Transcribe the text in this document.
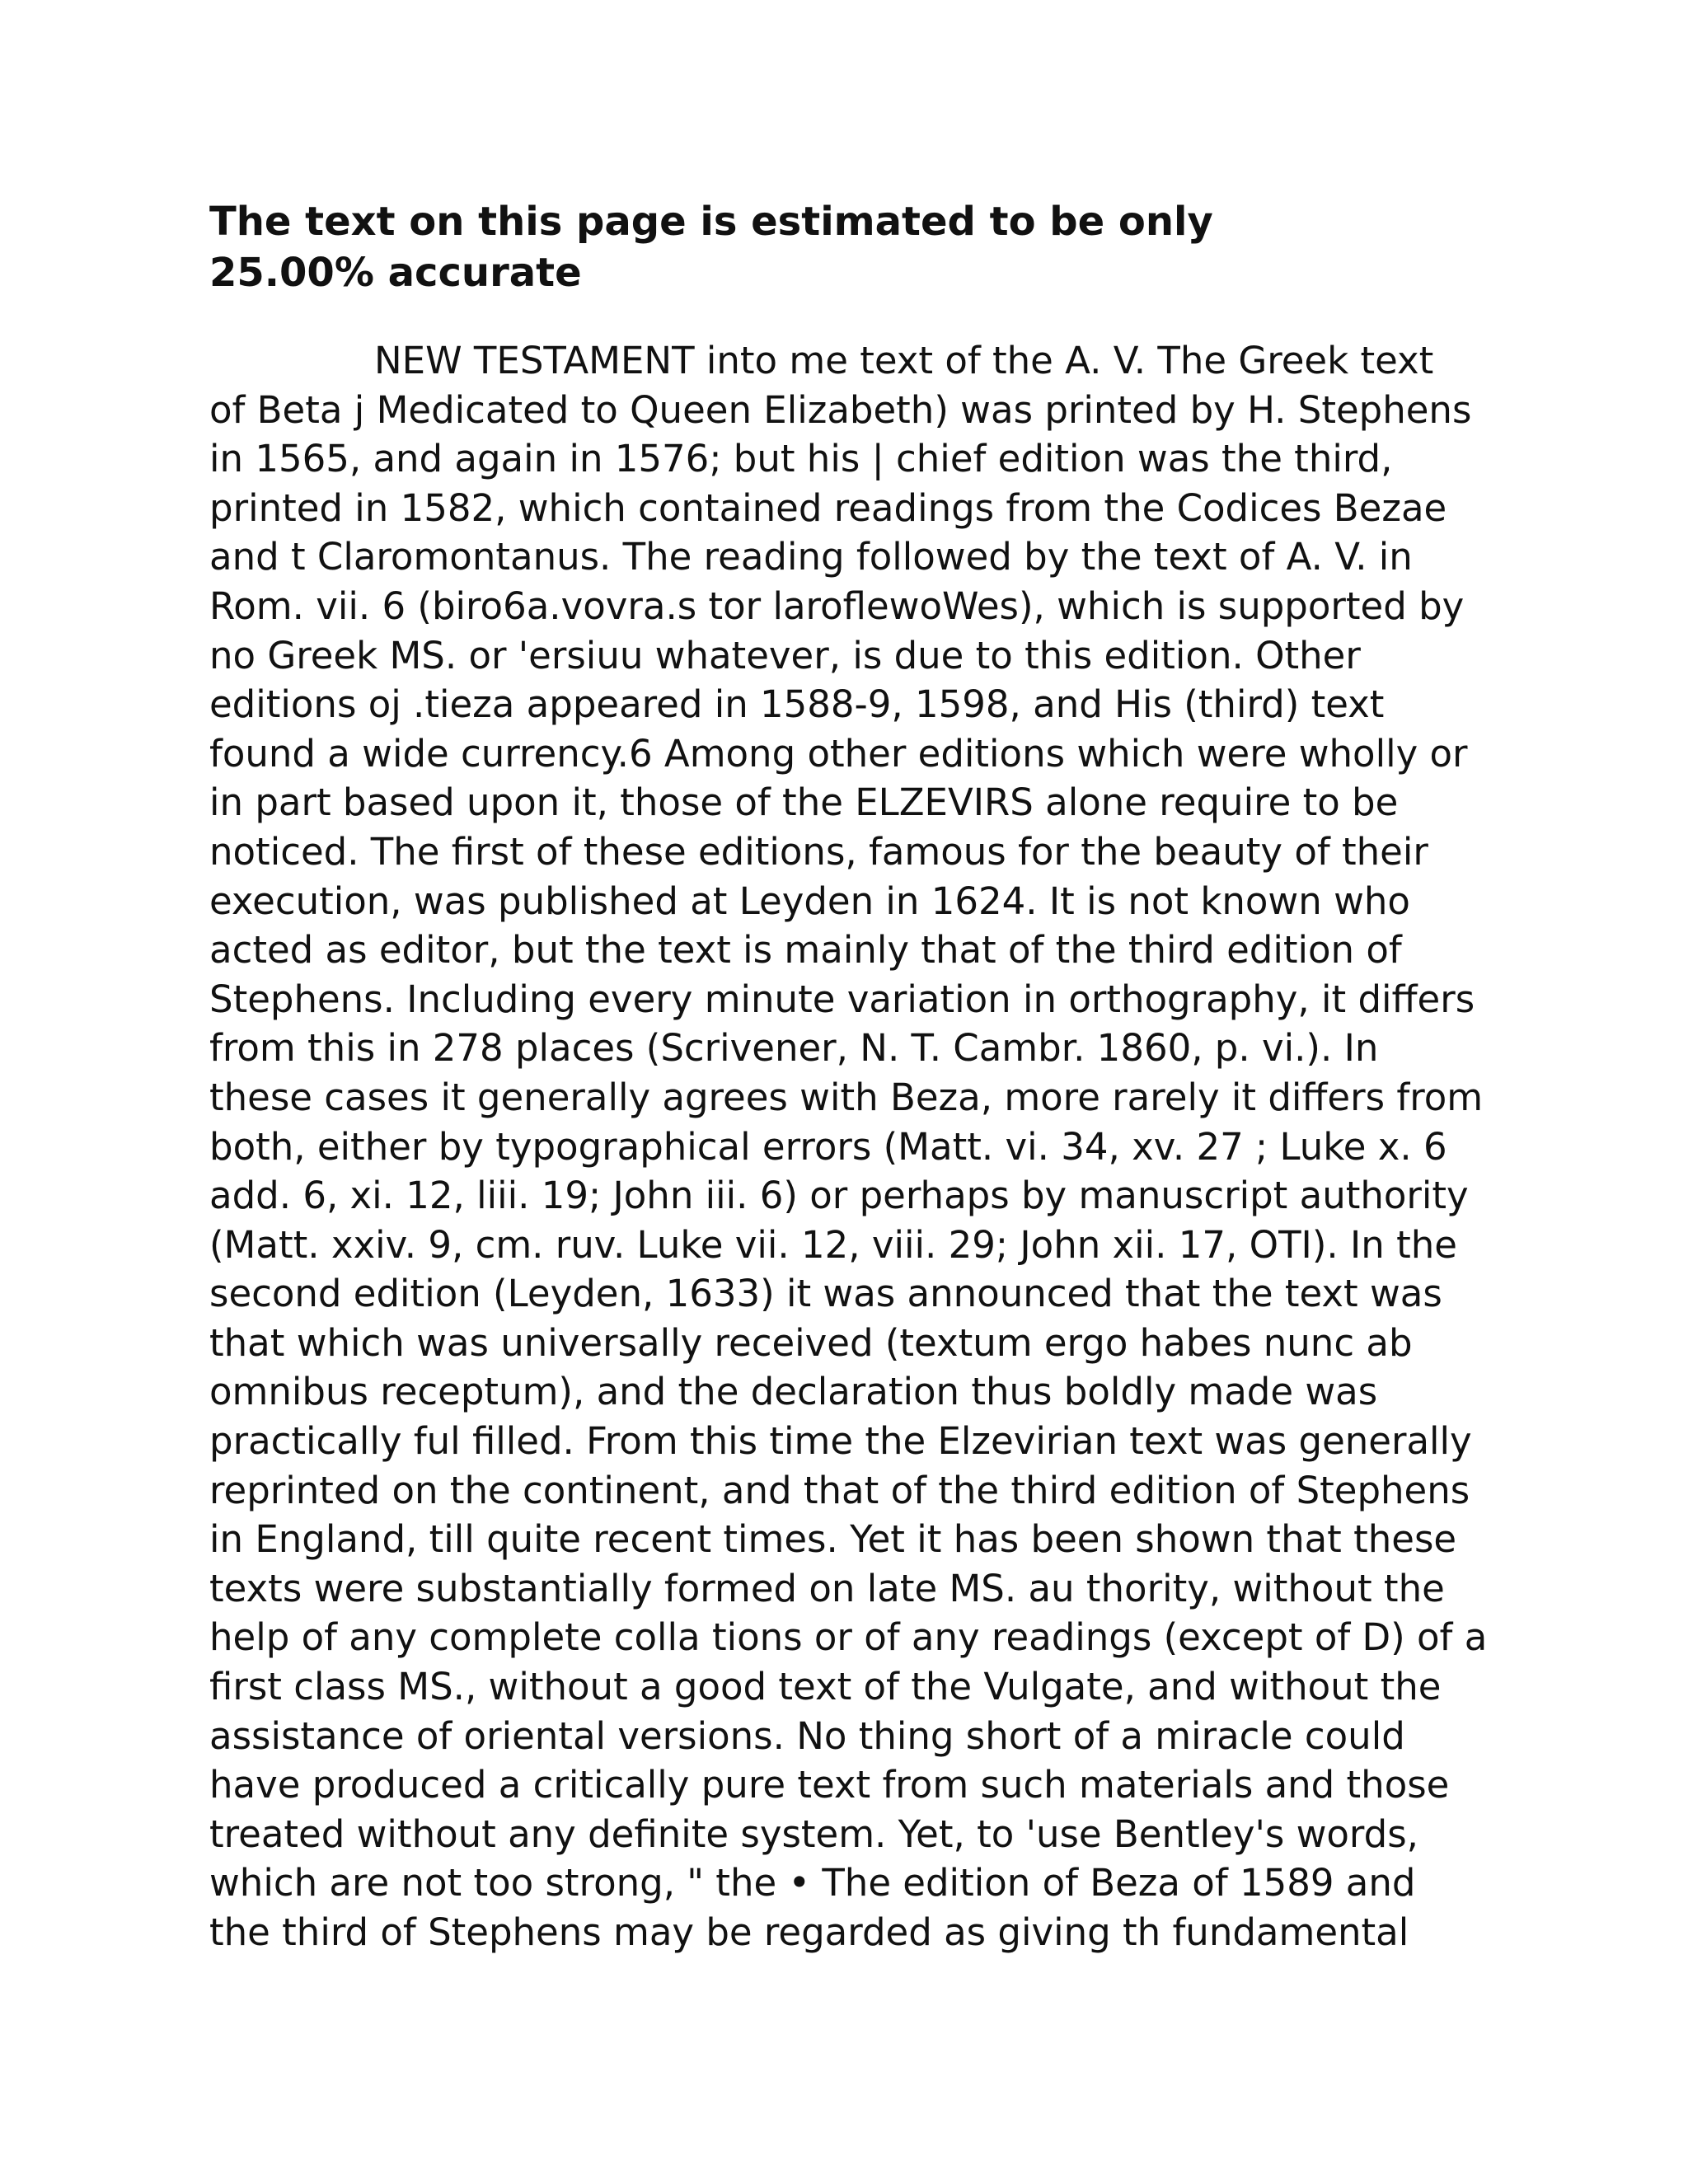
The text on this page is estimated to be only 25.00% accurate

NEW TESTAMENT into me text of the A. V. The Greek text
of Beta j Medicated to Queen Elizabeth) was printed by H. Stephens
in 1565, and again in 1576; but his | chief edition was the third,
printed in 1582, which contained readings from the Codices Bezae
and t Claromontanus. The reading followed by the text of A. V. in
Rom. vii. 6 (biro6a.vovra.s tor laroflewoWes), which is supported by
no Greek MS. or 'ersiuu whatever, is due to this edition. Other
editions oj .tieza appeared in 1588-9, 1598, and His (third) text
found a wide currency.6 Among other editions which were wholly or
in part based upon it, those of the ELZEVIRS alone require to be
noticed. The first of these editions, famous for the beauty of their
execution, was published at Leyden in 1624. It is not known who
acted as editor, but the text is mainly that of the third edition of
Stephens. Including every minute variation in orthography, it differs
from this in 278 places (Scrivener, N. T. Cambr. 1860, p. vi.). In
these cases it generally agrees with Beza, more rarely it differs from
both, either by typographical errors (Matt. vi. 34, xv. 27 ; Luke x. 6
add. 6, xi. 12, liii. 19; John iii. 6) or perhaps by manuscript authority
(Matt. xxiv. 9, cm. ruv. Luke vii. 12, viii. 29; John xii. 17, OTI). In the
second edition (Leyden, 1633) it was announced that the text was
that which was universally received (textum ergo habes nunc ab
omnibus receptum), and the declaration thus boldly made was
practically ful filled. From this time the Elzevirian text was generally
reprinted on the continent, and that of the third edition of Stephens
in England, till quite recent times. Yet it has been shown that these
texts were substantially formed on late MS. au thority, without the
help of any complete colla tions or of any readings (except of D) of a
first class MS., without a good text of the Vulgate, and without the
assistance of oriental versions. No thing short of a miracle could
have produced a critically pure text from such materials and those
treated without any definite system. Yet, to 'use Bentley's words,
which are not too strong, " the • The edition of Beza of 1589 and
the third of Stephens may be regarded as giving th fundamental
